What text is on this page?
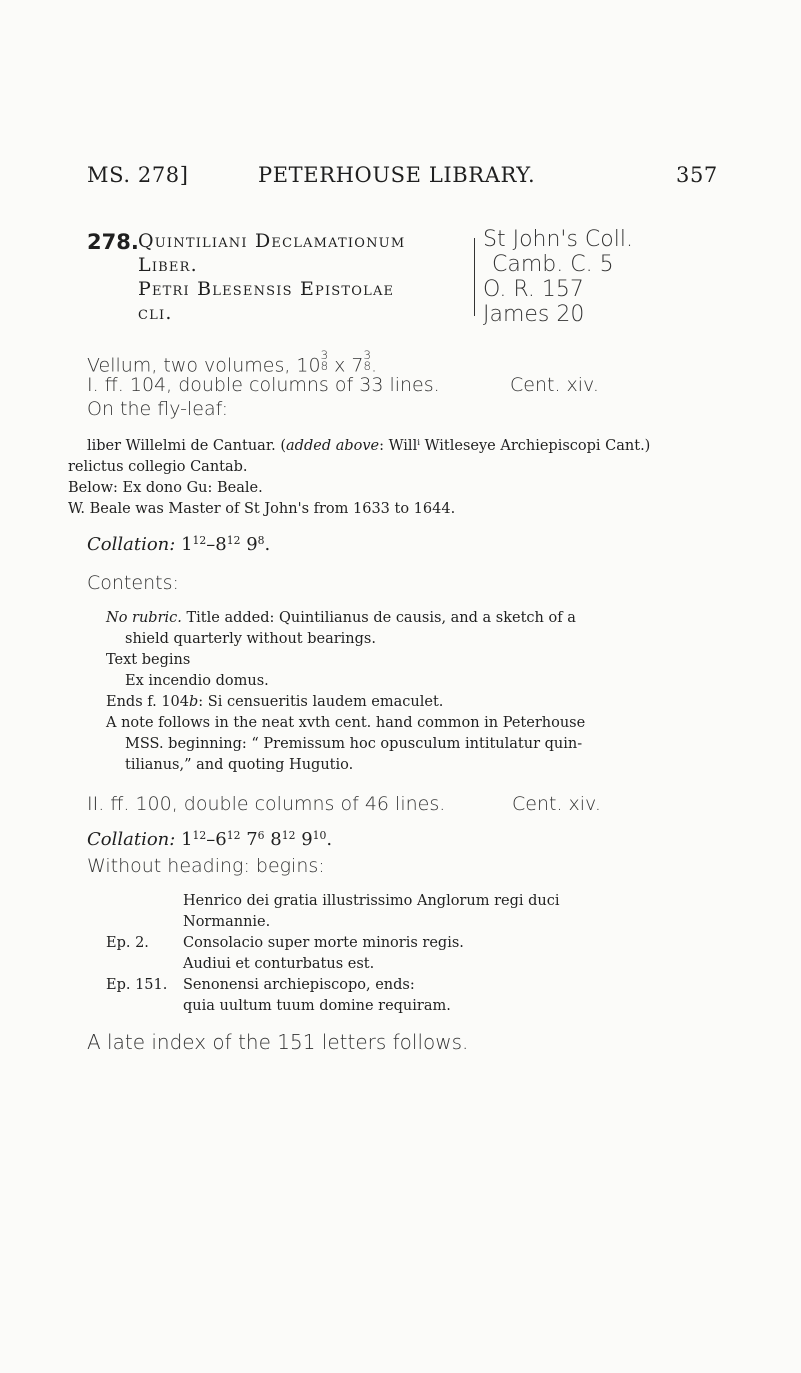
MS. 278]	PETERHOUSE LIBRARY.	357
278. Quintiliani Declamationum
Liber.
Petri Blesensis Epistolae
cli.
St John's Coll.
Camb. C. 5
O. R. 157
James 20
Vellum, two volumes, 103
8 x 73
8.
I. ff. 104, double columns of 33 lines.	Cent. xiv.
On the fly-leaf:
liber Willelmi de Cantuar. (added above: Will$^i$ Witleseye Archiepiscopi Cant.)
relictus collegio Cantab.
Below: Ex dono Gu: Beale.
W. Beale was Master of St John's from 1633 to 1644.
Collation: $1^{12}-8^{12}$ $9^8$.
Contents:
No rubric. Title added: Quintilianus de causis, and a sketch of a
shield quarterly without bearings.
Text begins
Ex incendio domus.
Ends f. 104b: Si censueritis laudem emaculet.
A note follows in the neat xvth cent. hand common in Peterhouse
MSS. beginning: “ Premissum hoc opusculum intitulatur quin-
tilianus,” and quoting Hugutio.
II. ff. 100, double columns of 46 lines.	Cent. xiv.
Collation: $1^{12}-6^{12}$ $7^6$ $8^{12}$ $9^{10}$.
Without heading: begins:
Henrico dei gratia illustrissimo Anglorum regi duci
Normannie.
Ep. 2. Consolacio super morte minoris regis.
Audiui et conturbatus est.
Ep. 151. Senonensi archiepiscopo, ends:
quia uultum tuum domine requiram.
A late index of the 151 letters follows.
